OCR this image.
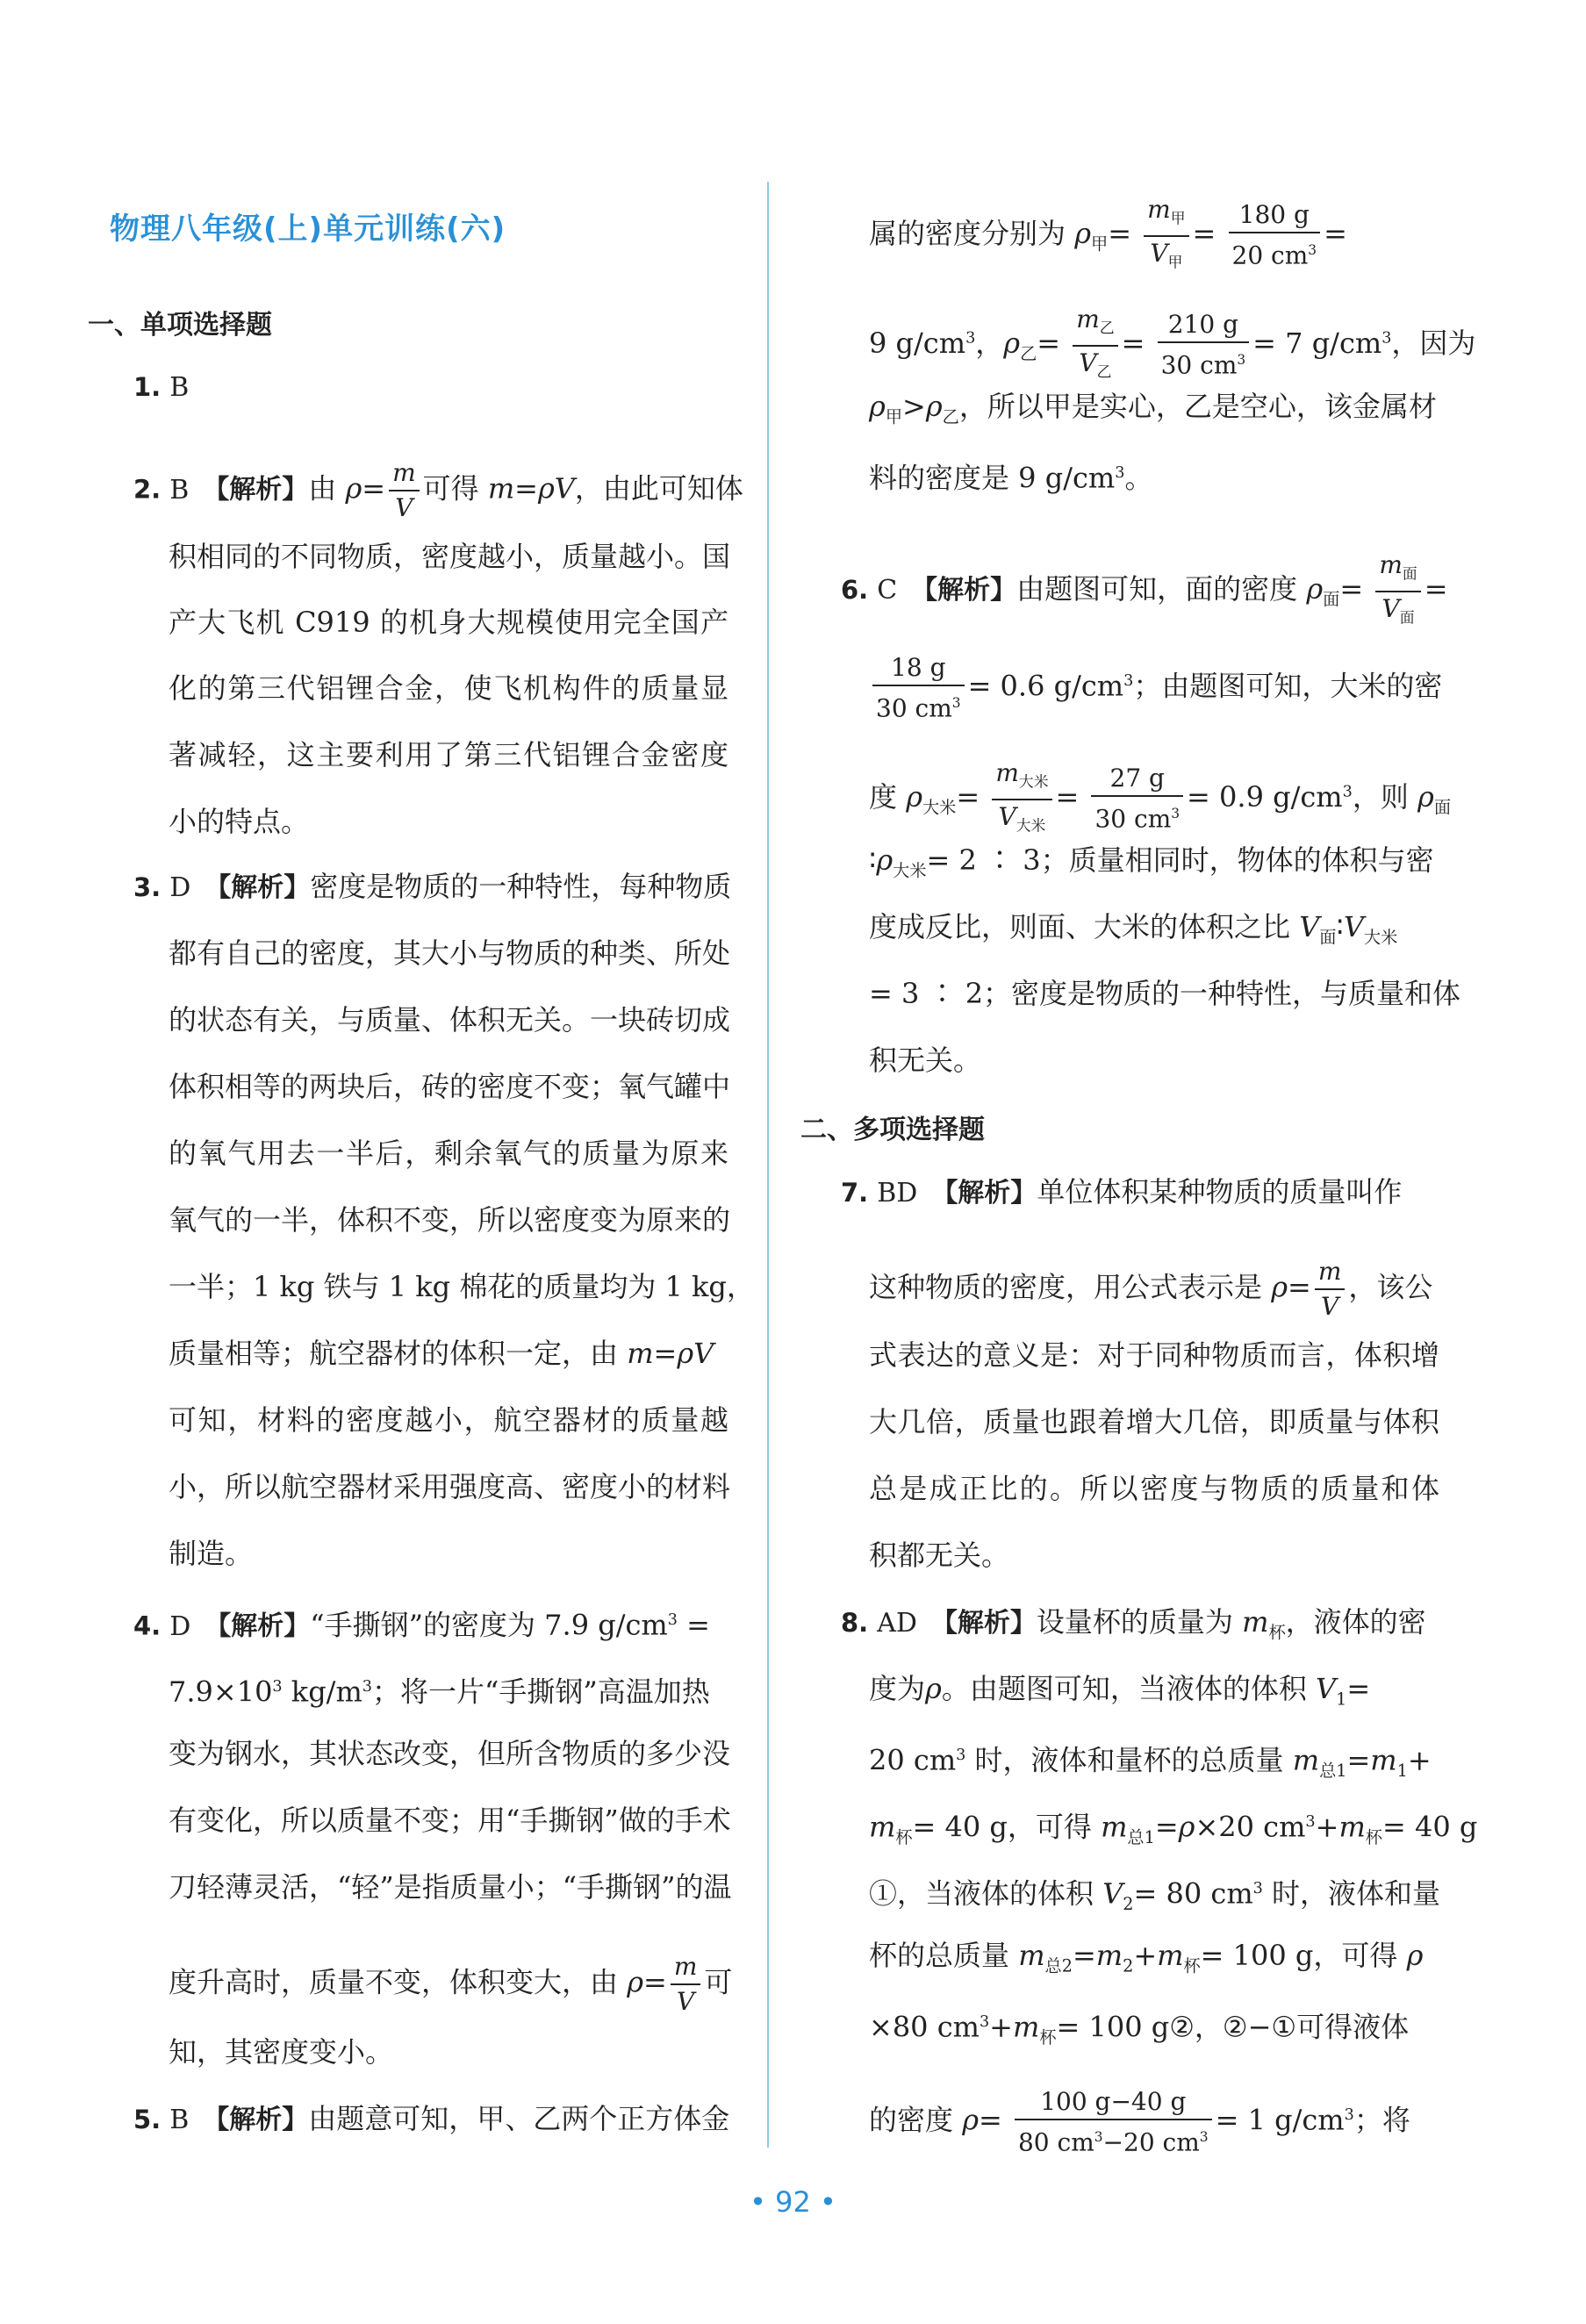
物理八年级(上)单元训练(六)
一、单项选择题
1. B
2. B 【解析】由 $\rho= \frac{m}{V}$ 可得 m=ρV，由此可知体
积相同的不同物质，密度越小，质量越小。国
产大飞机 C919 的机身大规模使用完全国产
化的第三代铝锂合金，使飞机构件的质量显
著减轻，这主要利用了第三代铝锂合金密度
小的特点。
3. D 【解析】密度是物质的一种特性，每种物质
都有自己的密度，其大小与物质的种类、所处
的状态有关，与质量、体积无关。一块砖切成
体积相等的两块后，砖的密度不变；氧气罐中
的氧气用去一半后，剩余氧气的质量为原来
氧气的一半，体积不变，所以密度变为原来的
一半；1 kg 铁与 1 kg 棉花的质量均为 1 kg，
质量相等；航空器材的体积一定，由 m=ρV
可知，材料的密度越小，航空器材的质量越
小，所以航空器材采用强度高、密度小的材料
制造。
4. D 【解析】“手撕钢”的密度为 7.9 $g/cm^3$ =
$7.9\times 10^3$ $kg/m^3$；将一片“手撕钢”高温加热
变为钢水，其状态改变，但所含物质的多少没
有变化，所以质量不变；用“手撕钢”做的手术
刀轻薄灵活，“轻”是指质量小；“手撕钢”的温
度升高时，质量不变，体积变大，由 $\rho= \frac{m}{V}$ 可
知，其密度变小。
5. B 【解析】由题意可知，甲、乙两个正方体金
属的密度分别为 $\rho_甲= \frac{m_甲}{V_甲} = \frac{180 g}{20 cm^3}$ =
9 $g/cm^3$，$\rho_乙= \frac{m_乙}{V_乙} = \frac{210 g}{30 cm^3} = 7$ $g/cm^3$，因为
$\rho_甲>\rho_乙$，所以甲是实心，乙是空心，该金属材
料的密度是 9 $g/cm^3$。
6. C 【解析】由题图可知，面的密度 $\rho_面= \frac{m_面}{V_面}$ =
$\frac{18 g}{30 cm^3} = 0.6$ $g/cm^3$；由题图可知，大米的密
度 $\rho_{大米}= \frac{m_{大米}}{V_{大米}} = \frac{27 g}{30 cm^3} = 0.9$ $g/cm^3$，则 $\rho_面$
$∶\rho_{大米}= 2$ ∶ 3；质量相同时，物体的体积与密
度成反比，则面、大米的体积之比 $V_面∶V_{大米}$
= 3 ∶ 2；密度是物质的一种特性，与质量和体
积无关。
二、多项选择题
7. BD 【解析】单位体积某种物质的质量叫作
这种物质的密度，用公式表示是 $\rho= \frac{m}{V}$ ，该公
式表达的意义是：对于同种物质而言，体积增
大几倍，质量也跟着增大几倍，即质量与体积
总是成正比的。所以密度与物质的质量和体
积都无关。
8. AD 【解析】设量杯的质量为 $m_杯$，液体的密
度为ρ。由题图可知，当液体的体积 $V_1=$
20 $cm^3$ 时，液体和量杯的总质量 $m_{总1}=m_1+$
$m_杯= 40$ g，可得 $m_{总1}=\rho\times 20$ $cm^3+m_杯= 40$ g
①，当液体的体积 $V_2= 80$ $cm^3$ 时，液体和量
杯的总质量 $m_{总2}=m_2+m_杯= 100$ g，可得 ρ
×80 $cm^3+m_杯= 100$ g②，②−①可得液体
的密度 $\rho= \frac{100 g-40 g}{80 cm^3-20 cm^3} = 1$ $g/cm^3$；将
• 92 •
